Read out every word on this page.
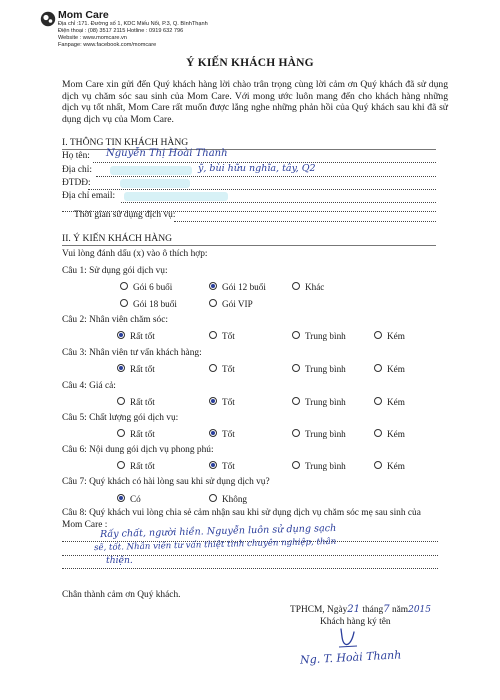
Mom Care
Địa chỉ :171. Đường số 1, KDC Miếu Nổi, P.3, Q. BìnhThạnh
Điện thoại : (08) 3517 2115 Hotline : 0919 632 796
Website : www.momcare.vn
Fanpage: www.facebook.com/momcare
Ý KIẾN KHÁCH HÀNG
Mom Care xin gửi đến Quý khách hàng lời chào trân trọng cùng lời cảm ơn Quý khách đã sử dụng dịch vụ chăm sóc sau sinh của Mom Care. Với mong ước luôn mang đến cho khách hàng những dịch vụ tốt nhất, Mom Care rất muốn được lắng nghe những phản hồi của Quý khách sau khi đã sử dụng dịch vụ của Mom Care.
I. THÔNG TIN KHÁCH HÀNG
Họ tên: Nguyễn Thị Hoài Thanh
Địa chỉ:	ỹ, bùi hữu nghĩa, tây, Q2
ĐTDĐ:
Địa chỉ email:
Thời gian sử dụng dịch vụ:
II. Ý KIẾN KHÁCH HÀNG
Vui lòng đánh dấu (x) vào ô thích hợp:
Câu 1: Sử dụng gói dịch vụ:
Gói 6 buổi	Gói 12 buổi	Khác
Gói 18 buổi	Gói VIP
Câu 2: Nhân viên chăm sóc:
Rất tốt	Tốt	Trung bình	Kém
Câu 3: Nhân viên tư vấn khách hàng:
Rất tốt	Tốt	Trung bình	Kém
Câu 4: Giá cả:
Rất tốt	Tốt	Trung bình	Kém
Câu 5: Chất lượng gói dịch vụ:
Rất tốt	Tốt	Trung bình	Kém
Câu 6: Nội dung gói dịch vụ phong phú:
Rất tốt	Tốt	Trung bình	Kém
Câu 7: Quý khách có hài lòng sau khi sử dụng dịch vụ?
Có	Không
Câu 8: Quý khách vui lòng chia sẻ cảm nhận sau khi sử dụng dịch vụ chăm sóc mẹ sau sinh của Mom Care :
Rấy chất, người hiền. Nguyễn luôn sử dụng sạch
sẽ, tốt. Nhân viên tư vấn thiệt tình chuyên nghiệp, thân
thiện.
Chân thành cảm ơn Quý khách.
TPHCM, Ngày21 tháng7 năm2015
Khách hàng ký tên
Ng. T. Hoài Thanh
